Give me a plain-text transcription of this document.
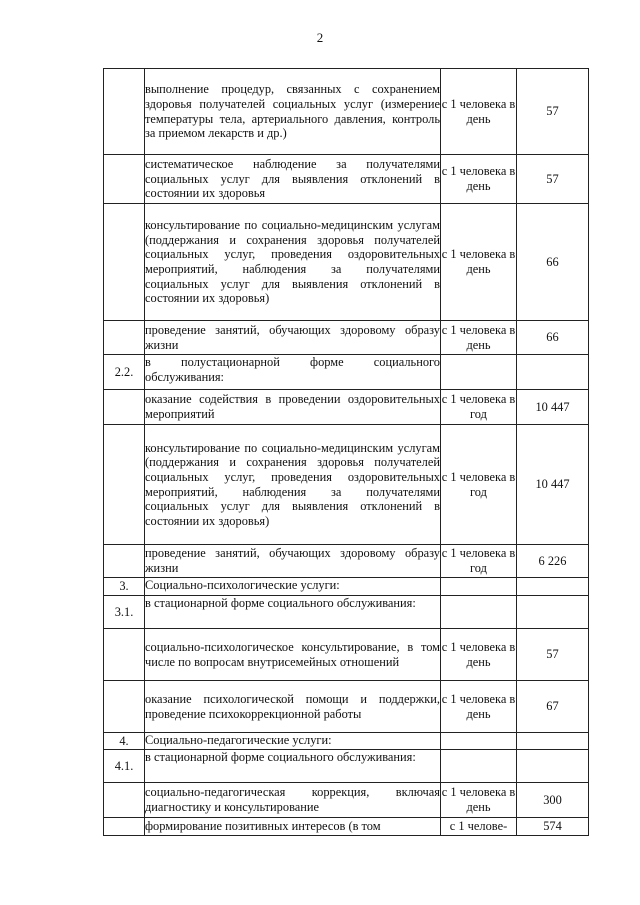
2
	выполнение процедур, связанных с сохранением здоровья получателей социальных услуг (измерение температуры тела, артериального давления, контроль за приемом лекарств и др.)	с 1 человека в день	57
	систематическое наблюдение за получателями социальных услуг для выявления отклонений в состоянии их здоровья	с 1 человека в день	57
	консультирование по социально-медицинским услугам (поддержания и сохранения здоровья получателей социальных услуг, проведения оздоровительных мероприятий, наблюдения за получателями социальных услуг для выявления отклонений в состоянии их здоровья)	с 1 человека в день	66
	проведение занятий, обучающих здоровому образу жизни	с 1 человека в день	66
2.2.	в полустационарной форме социального обслуживания:		
	оказание содействия в проведении оздоровительных мероприятий	с 1 человека в год	10 447
	консультирование по социально-медицинским услугам (поддержания и сохранения здоровья получателей социальных услуг, проведения оздоровительных мероприятий, наблюдения за получателями социальных услуг для выявления отклонений в состоянии их здоровья)	с 1 человека в год	10 447
	проведение занятий, обучающих здоровому образу жизни	с 1 человека в год	6 226
3.	Социально-психологические услуги:		
3.1.	в стационарной форме социального обслуживания:		
	социально-психологическое консультирование, в том числе по вопросам внутрисемейных отношений	с 1 человека в день	57
	оказание психологической помощи и поддержки, проведение психокоррекционной работы	с 1 человека в день	67
4.	Социально-педагогические услуги:		
4.1.	в стационарной форме социального обслуживания:		
	социально-педагогическая коррекция, включая диагностику и консультирование	с 1 человека в день	300
	формирование позитивных интересов (в том	с 1 челове-	574
